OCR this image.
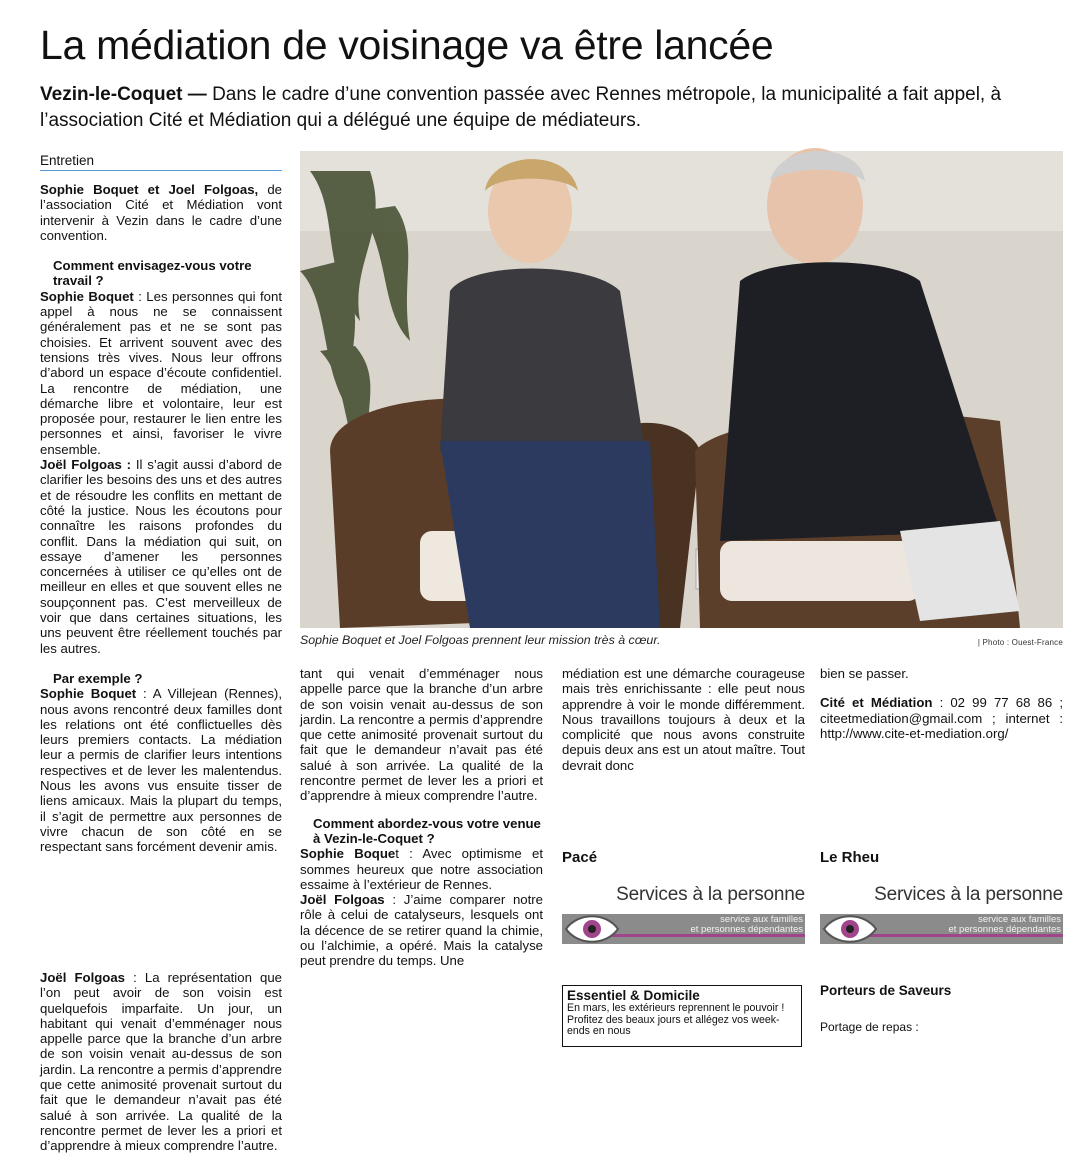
La médiation de voisinage va être lancée
Vezin-le-Coquet — Dans le cadre d’une convention passée avec Rennes métropole, la municipalité a fait appel, à l’association Cité et Médiation qui a délégué une équipe de médiateurs.
Entretien

Sophie Boquet et Joel Folgoas, de l’association Cité et Médiation vont intervenir à Vezin dans le cadre d’une convention.

Comment envisagez-vous votre travail ?

Sophie Boquet : Les personnes qui font appel à nous ne se connaissent généralement pas et ne se sont pas choisies. Et arrivent souvent avec des tensions très vives. Nous leur offrons d’abord un espace d’écoute confidentiel. La rencontre de médiation, une démarche libre et volontaire, leur est proposée pour, restaurer le lien entre les personnes et ainsi, favoriser le vivre ensemble.

Joël Folgoas : Il s’agit aussi d’abord de clarifier les besoins des uns et des autres et de résoudre les conflits en mettant de côté la justice. Nous les écoutons pour connaître les raisons profondes du conflit. Dans la médiation qui suit, on essaye d’amener les personnes concernées à utiliser ce qu’elles ont de meilleur en elles et que souvent elles ne soupçonnent pas. C’est merveilleux de voir que dans certaines situations, les uns peuvent être réellement touchés par les autres.

Par exemple ?

Sophie Boquet : A Villejean (Rennes), nous avons rencontré deux familles dont les relations ont été conflictuelles dès leurs premiers contacts. La médiation leur a permis de clarifier leurs intentions respectives et de lever les malentendus. Nous les avons vus ensuite tisser de liens amicaux. Mais la plupart du temps, il s’agit de permettre aux personnes de vivre chacun de son côté en se respectant sans forcément devenir amis.

Joël Folgoas : La représentation que l’on peut avoir de son voisin est quelquefois imparfaite. Un jour, un habitant qui venait d’emménager nous appelle parce que la branche d’un arbre de son voisin venait au-dessus de son jardin. La rencontre a permis d’apprendre que cette animosité provenait surtout du fait que le demandeur n’avait pas été salué à son arrivée. La qualité de la rencontre permet de lever les a priori et d’apprendre à mieux comprendre l’autre.

Sophie Boquet et Joel Folgoas prennent leur mission très à cœur.	| Photo : Ouest-France

tant qui venait d’emménager nous appelle parce que la branche d’un arbre de son voisin venait au-dessus de son jardin. La rencontre a permis d’apprendre que cette animosité provenait surtout du fait que le demandeur n’avait pas été salué à son arrivée. La qualité de la rencontre permet de lever les a priori et d’apprendre à mieux comprendre l’autre.

Comment abordez-vous votre venue à Vezin-le-Coquet ?

Sophie Boquet : Avec optimisme et sommes heureux que notre association essaime à l’extérieur de Rennes.

Joël Folgoas : J’aime comparer notre rôle à celui de catalyseurs, lesquels ont la décence de se retirer quand la chimie, ou l’alchimie, a opéré. Mais la catalyse peut prendre du temps. Une

médiation est une démarche courageuse mais très enrichissante : elle peut nous apprendre à voir le monde différemment. Nous travaillons toujours à deux et la complicité que nous avons construite depuis deux ans est un atout maître. Tout devrait donc

bien se passer.

Cité et Médiation : 02 99 77 68 86 ; citeetmediation@gmail.com ; internet : http://www.cite-et-mediation.org/

Pacé
Services à la personne
service aux familles
et personnes dépendantes
Essentiel & Domicile
En mars, les extérieurs reprennent le pouvoir ! Profitez des beaux jours et allégez vos week-ends en nous
Le Rheu
Services à la personne
service aux familles
et personnes dépendantes
Porteurs de Saveurs
Portage de repas :
